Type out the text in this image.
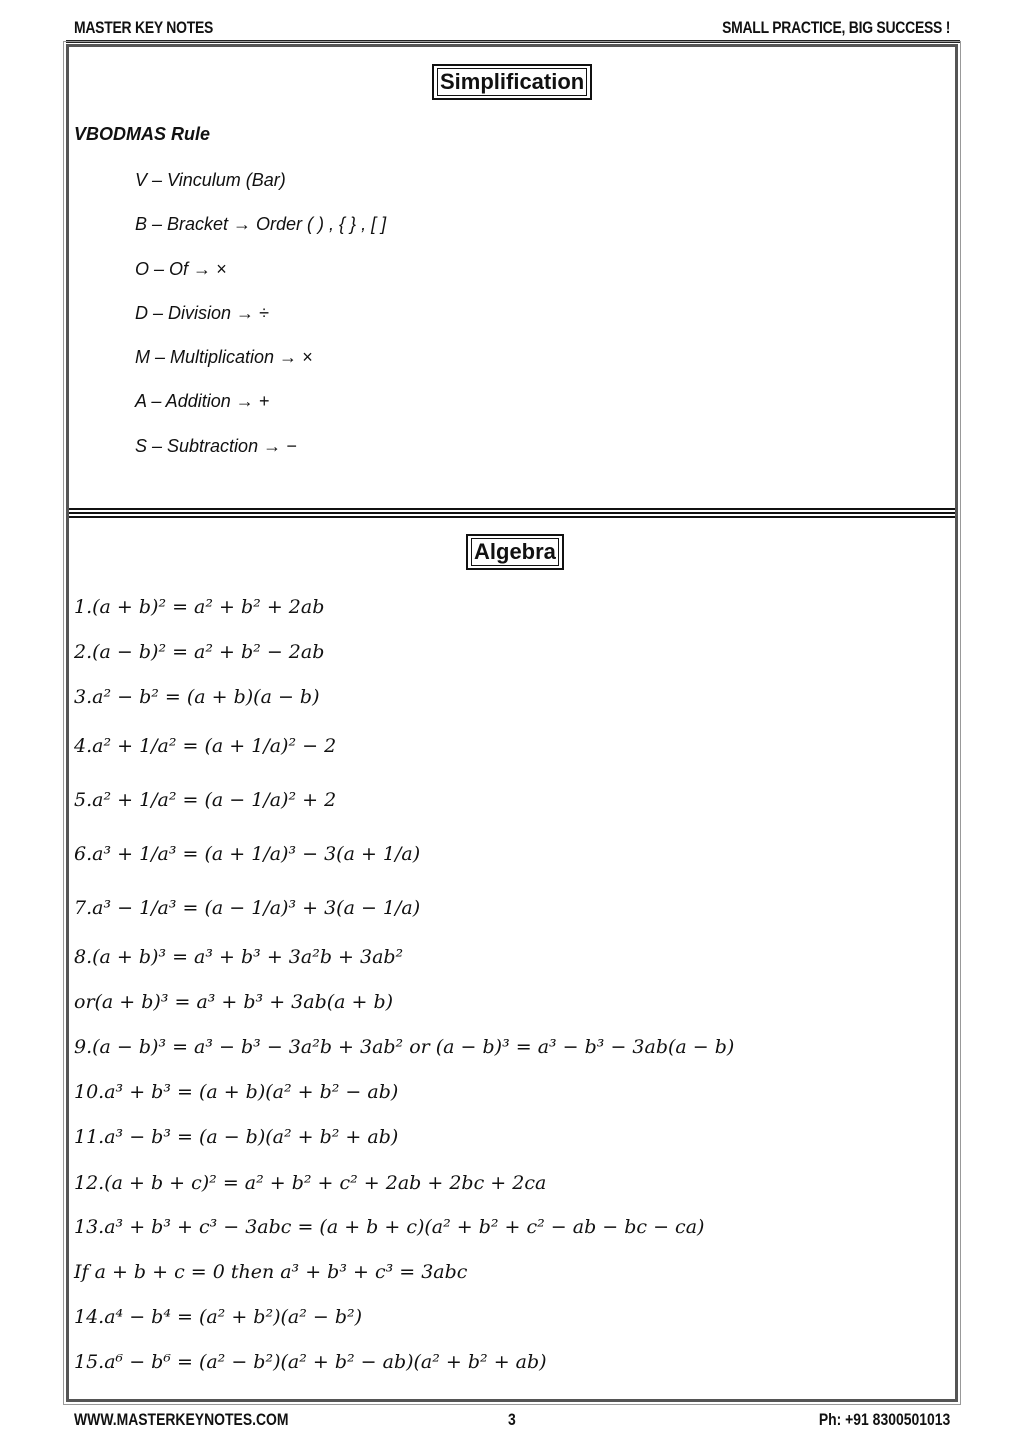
MASTER KEY NOTES	SMALL PRACTICE, BIG SUCCESS !
Simplification
VBODMAS Rule
V – Vinculum (Bar)
B – Bracket → Order ( ) , { } , [ ]
O – Of → ×
D – Division → ÷
M – Multiplication → ×
A – Addition → +
S – Subtraction → −
Algebra
1.(a + b)² = a² + b² + 2ab
2.(a − b)² = a² + b² − 2ab
3.a² − b² = (a + b)(a − b)
4.a² + 1/a² = (a + 1/a)² − 2
5.a² + 1/a² = (a − 1/a)² + 2
6.a³ + 1/a³ = (a + 1/a)³ − 3(a + 1/a)
7.a³ − 1/a³ = (a − 1/a)³ + 3(a − 1/a)
8.(a + b)³ = a³ + b³ + 3a²b + 3ab²
or(a + b)³ = a³ + b³ + 3ab(a + b)
9.(a − b)³ = a³ − b³ − 3a²b + 3ab² or (a − b)³ = a³ − b³ − 3ab(a − b)
10.a³ + b³ = (a + b)(a² + b² − ab)
11.a³ − b³ = (a − b)(a² + b² + ab)
12.(a + b + c)² = a² + b² + c² + 2ab + 2bc + 2ca
13.a³ + b³ + c³ − 3abc = (a + b + c)(a² + b² + c² − ab − bc − ca)
If a + b + c = 0 then a³ + b³ + c³ = 3abc
14.a⁴ − b⁴ = (a² + b²)(a² − b²)
15.a⁶ − b⁶ = (a² − b²)(a² + b² − ab)(a² + b² + ab)
WWW.MASTERKEYNOTES.COM	3	Ph: +91 8300501013
